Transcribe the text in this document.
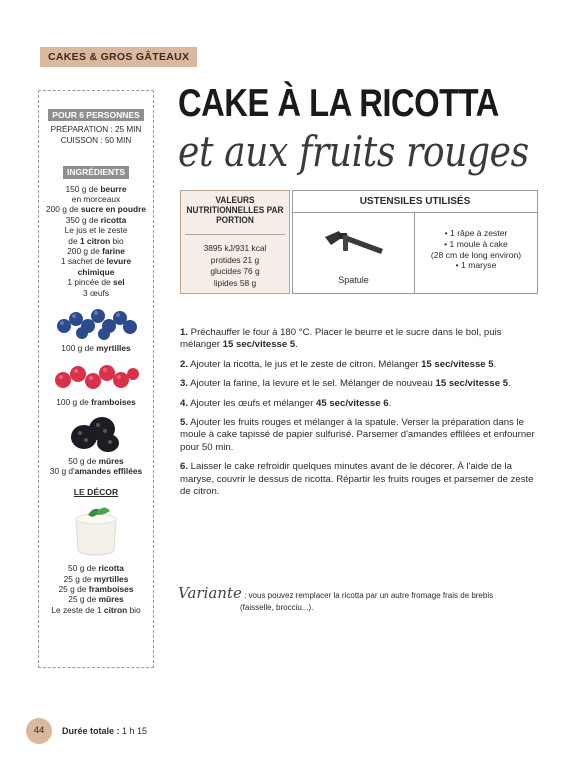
CAKES & GROS GÂTEAUX
POUR 6 PERSONNES
PRÉPARATION : 25 MIN
CUISSON : 50 MIN
INGRÉDIENTS
150 g de beurre
en morceaux
200 g de sucre en poudre
350 g de ricotta
Le jus et le zeste
de 1 citron bio
200 g de farine
1 sachet de levure
chimique
1 pincée de sel
3 œufs
100 g de myrtilles
100 g de framboises
50 g de mûres
30 g d'amandes effilées
LE DÉCOR
50 g de ricotta
25 g de myrtilles
25 g de framboises
25 g de mûres
Le zeste de 1 citron bio
CAKE À LA RICOTTA
et aux fruits rouges
VALEURS NUTRITIONNELLES PAR PORTION
3895 kJ/931 kcal
protides 21 g
glucides 76 g
lipides 58 g
USTENSILES UTILISÉS
Spatule
• 1 râpe à zester
• 1 moule à cake
(28 cm de long environ)
• 1 maryse

1. Préchauffer le four à 180 °C. Placer le beurre et le sucre dans le bol, puis mélanger 15 sec/vitesse 5.

2. Ajouter la ricotta, le jus et le zeste de citron. Mélanger 15 sec/vitesse 5.

3. Ajouter la farine, la levure et le sel. Mélanger de nouveau 15 sec/vitesse 5.

4. Ajouter les œufs et mélanger 45 sec/vitesse 6.

5. Ajouter les fruits rouges et mélanger à la spatule. Verser la préparation dans le moule à cake tapissé de papier sulfurisé. Parsemer d'amandes effilées et enfourner pour 50 min.

6. Laisser le cake refroidir quelques minutes avant de le décorer. À l'aide de la maryse, couvrir le dessus de ricotta. Répartir les fruits rouges et parsemer de zeste de citron.

Variante : vous pouvez remplacer la ricotta par un autre fromage frais de brebis
(faisselle, brocciu...).
44	Durée totale : 1 h 15
